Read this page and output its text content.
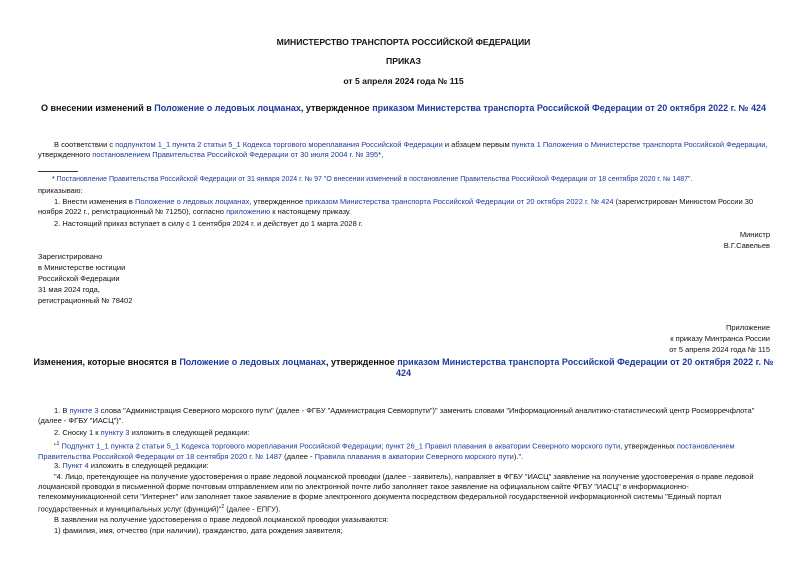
МИНИСТЕРСТВО ТРАНСПОРТА РОССИЙСКОЙ ФЕДЕРАЦИИ
ПРИКАЗ
от 5 апреля 2024 года № 115
О внесении изменений в Положение о ледовых лоцманах, утвержденное приказом Министерства транспорта Российской Федерации от 20 октября 2022 г. № 424
В соответствии с подпунктом 1_1 пункта 2 статьи 5_1 Кодекса торгового мореплавания Российской Федерации и абзацем первым пункта 1 Положения о Министерстве транспорта Российской Федерации, утвержденного постановлением Правительства Российской Федерации от 30 июля 2004 г. № 395*,
* Постановление Правительства Российской Федерации от 31 января 2024 г. № 97 "О внесении изменений в постановление Правительства Российской Федерации от 18 сентября 2020 г. № 1487".
приказываю:
1. Внести изменения в Положение о ледовых лоцманах, утвержденное приказом Министерства транспорта Российской Федерации от 20 октября 2022 г. № 424 (зарегистрирован Минюстом России 30 ноября 2022 г., регистрационный № 71250), согласно приложению к настоящему приказу.
2. Настоящий приказ вступает в силу с 1 сентября 2024 г. и действует до 1 марта 2028 г.
Министр
В.Г.Савельев
Зарегистрировано
в Министерстве юстиции
Российской Федерации
31 мая 2024 года,
регистрационный № 78402
Приложение
к приказу Минтранса России
от 5 апреля 2024 года № 115
Изменения, которые вносятся в Положение о ледовых лоцманах, утвержденное приказом Министерства транспорта Российской Федерации от 20 октября 2022 г. № 424
1. В пункте 3 слова "Администрация Северного морского пути" (далее - ФГБУ "Администрация Севморпути")" заменить словами "Информационный аналитико-статистический центр Росморречфлота" (далее - ФГБУ "ИАСЦ")".
2. Сноску 1 к пункту 3 изложить в следующей редакции:
"$^1$ Подпункт 1_1 пункта 2 статьи 5_1 Кодекса торгового мореплавания Российской Федерации; пункт 26_1 Правил плавания в акватории Северного морского пути, утвержденных постановлением Правительства Российской Федерации от 18 сентября 2020 г. № 1487 (далее - Правила плавания в акватории Северного морского пути).".
3. Пункт 4 изложить в следующей редакции:
"4. Лицо, претендующее на получение удостоверения о праве ледовой лоцманской проводки (далее - заявитель), направляет в ФГБУ "ИАСЦ" заявление на получение удостоверения о праве ледовой лоцманской проводки в письменной форме почтовым отправлением или по электронной почте либо заполняет такое заявление на официальном сайте ФГБУ "ИАСЦ" в информационно-телекоммуникационной сети "Интернет" или заполняет такое заявление в форме электронного документа посредством федеральной государственной информационной системы "Единый портал государственных и муниципальных услуг (функций)"$^2$ (далее - ЕПГУ).
В заявлении на получение удостоверения о праве ледовой лоцманской проводки указываются:
1) фамилия, имя, отчество (при наличии), гражданство, дата рождения заявителя;
